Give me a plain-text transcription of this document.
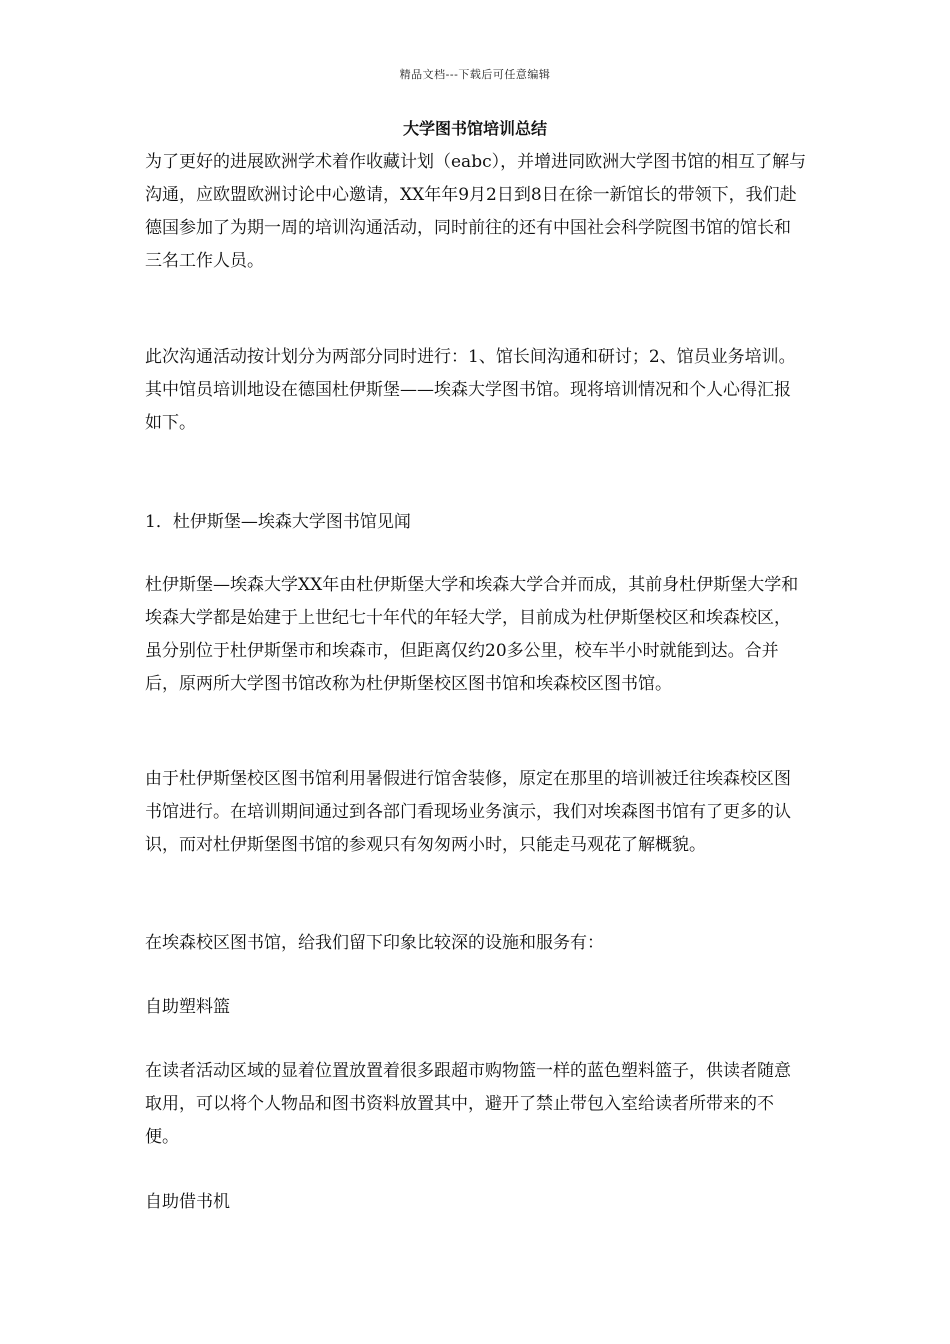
精品文档---下载后可任意编辑
大学图书馆培训总结

为了更好的进展欧洲学术着作收藏计划（eabc），并增进同欧洲大学图书馆的相互了解与沟通，应欧盟欧洲讨论中心邀请，XX年年9月2日到8日在徐一新馆长的带领下，我们赴德国参加了为期一周的培训沟通活动，同时前往的还有中国社会科学院图书馆的馆长和三名工作人员。

此次沟通活动按计划分为两部分同时进行：1、馆长间沟通和研讨；2、馆员业务培训。其中馆员培训地设在德国杜伊斯堡——埃森大学图书馆。现将培训情况和个人心得汇报如下。

1．杜伊斯堡—埃森大学图书馆见闻

杜伊斯堡—埃森大学XX年由杜伊斯堡大学和埃森大学合并而成，其前身杜伊斯堡大学和埃森大学都是始建于上世纪七十年代的年轻大学，目前成为杜伊斯堡校区和埃森校区，虽分别位于杜伊斯堡市和埃森市，但距离仅约20多公里，校车半小时就能到达。合并后，原两所大学图书馆改称为杜伊斯堡校区图书馆和埃森校区图书馆。

由于杜伊斯堡校区图书馆利用暑假进行馆舍装修，原定在那里的培训被迁往埃森校区图书馆进行。在培训期间通过到各部门看现场业务演示，我们对埃森图书馆有了更多的认识，而对杜伊斯堡图书馆的参观只有匆匆两小时，只能走马观花了解概貌。

在埃森校区图书馆，给我们留下印象比较深的设施和服务有：

自助塑料篮

在读者活动区域的显着位置放置着很多跟超市购物篮一样的蓝色塑料篮子，供读者随意取用，可以将个人物品和图书资料放置其中，避开了禁止带包入室给读者所带来的不便。

自助借书机
